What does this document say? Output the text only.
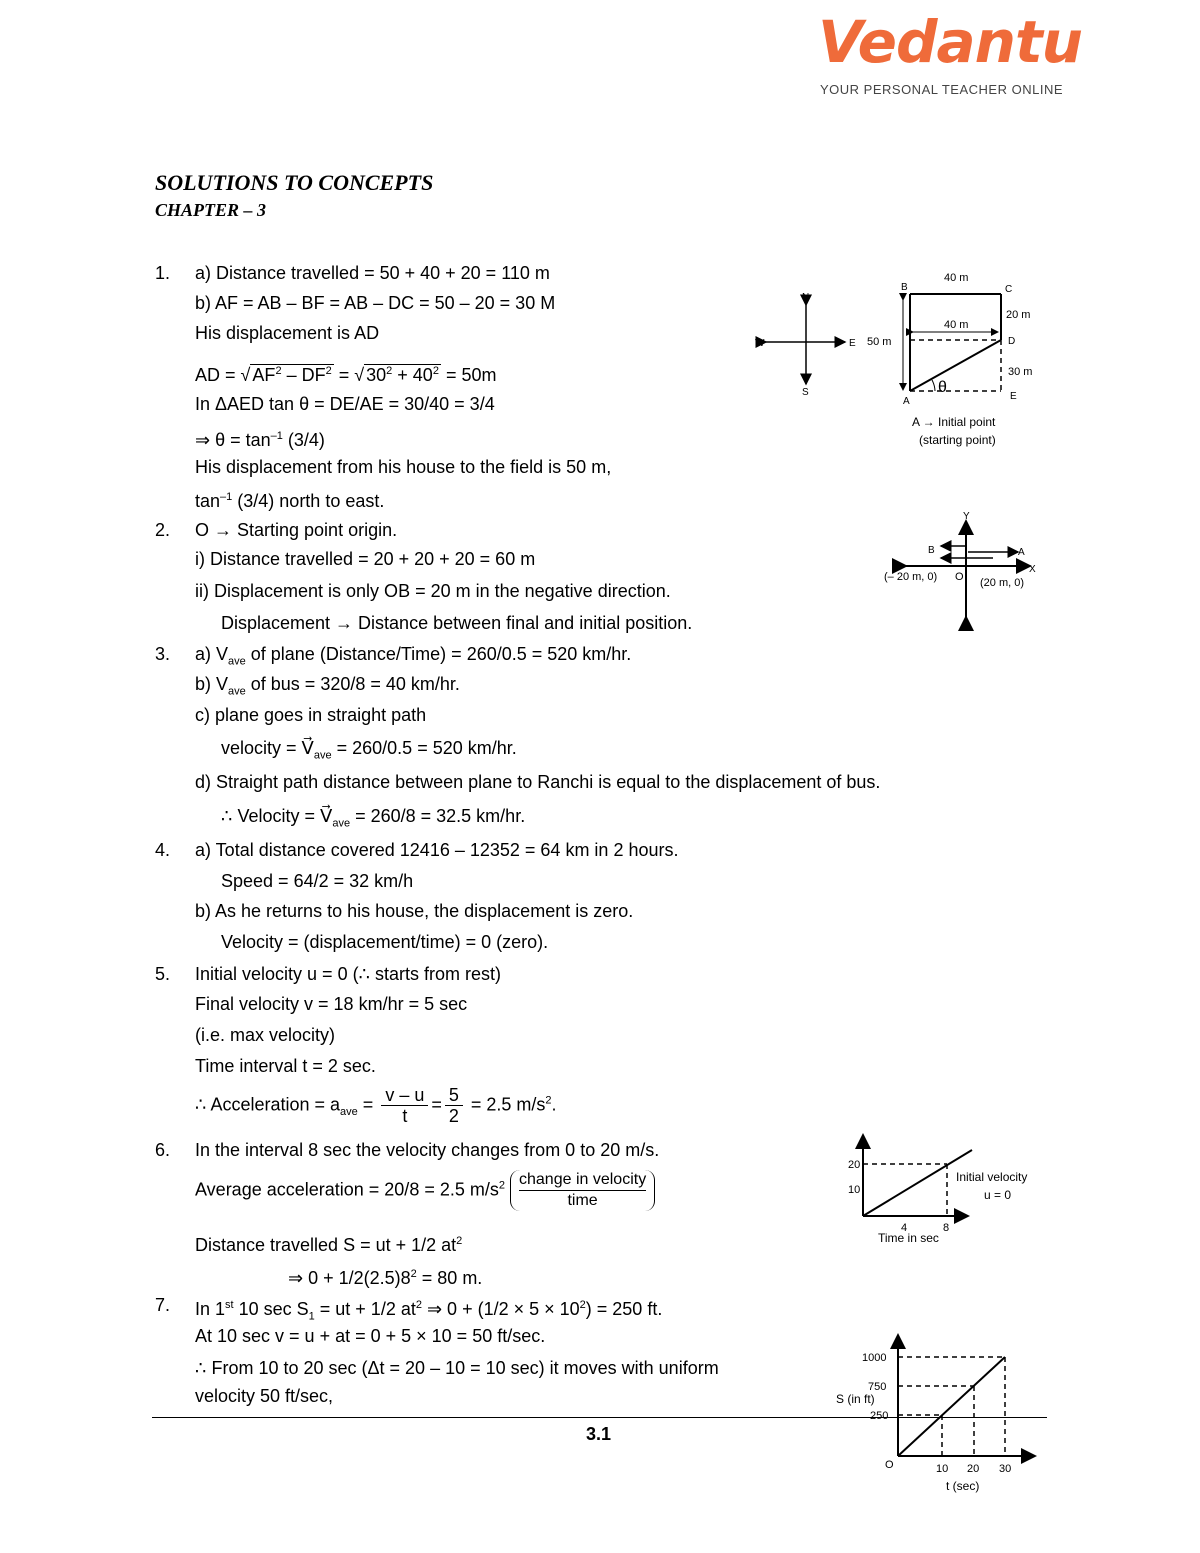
Vedantu
YOUR PERSONAL TEACHER ONLINE
SOLUTIONS TO CONCEPTS
CHAPTER – 3
1. a) Distance travelled = 50 + 40 + 20 = 110 m
b) AF = AB – BF = AB – DC = 50 – 20 = 30 M
His displacement is AD
AD = √ $AF^2 - DF^2$ = √ $30^2 + 40^2 = 50m$
In ΔAED tan θ = DE/AE = 30/40 = 3/4
⇒ $\theta = \tan^{-1} (3/4)$
His displacement from his house to the field is 50 m,
$\tan^{-1} (3/4)$ north to east.
2. O → Starting point origin.
i) Distance travelled = 20 + 20 + 20 = 60 m
ii) Displacement is only OB = 20 m in the negative direction.
Displacement → Distance between final and initial position.
3. a) $V_{ave}$ of plane (Distance/Time) = 260/0.5 = 520 km/hr.
b) $V_{ave}$ of bus = 320/8 = 40 km/hr.
c) plane goes in straight path
velocity = $V⃗_{ave} = 260/0.5 = 520$ km/hr.
d) Straight path distance between plane to Ranchi is equal to the displacement of bus.
∴ Velocity = $V⃗_{ave} = 260/8 = 32.5$ km/hr.
4. a) Total distance covered 12416 – 12352 = 64 km in 2 hours.
Speed = 64/2 = 32 km/h
b) As he returns to his house, the displacement is zero.
Velocity = (displacement/time) = 0 (zero).
5. Initial velocity u = 0 (∴ starts from rest)
Final velocity v = 18 km/hr = 5 sec
(i.e. max velocity)
Time interval t = 2 sec.
∴ Acceleration = $a_{ave} = \frac{v - u}{t} = \frac{5}{2} = 2.5$ $m/s^2$.
6. In the interval 8 sec the velocity changes from 0 to 20 m/s.
Average acceleration = 20/8 = 2.5 $m/s^2 \frac{\text{change in velocity}}{\text{time}}$
Distance travelled S = ut + 1/2 $at^2$
⇒ $0 + 1/2(2.5)8^2 = 80$ m.
7. In 1st 10 $\sec S_1$ = ut + 1/2 $at^2$ ⇒ $0 + (1/2 \times 5 \times 10^2) = 250$ ft.
At 10 sec v = u + at = 0 + 5 × 10 = 50 ft/sec.
∴ From 10 to 20 sec (Δt = 20 – 10 = 10 sec) it moves with uniform
velocity 50 ft/sec,
3.1
N
S
E
W
40 m
40 m
50 m
20 m
30 m
B	C
D
E
A
θ
A → Initial point
(starting point)
Y
X
B	A
O
(– 20 m, 0)	(20 m, 0)
20
10
4	8
Time in sec
Initial velocity
u = 0
1000
750
250
O	10 20 30
S (in ft)
t (sec)
